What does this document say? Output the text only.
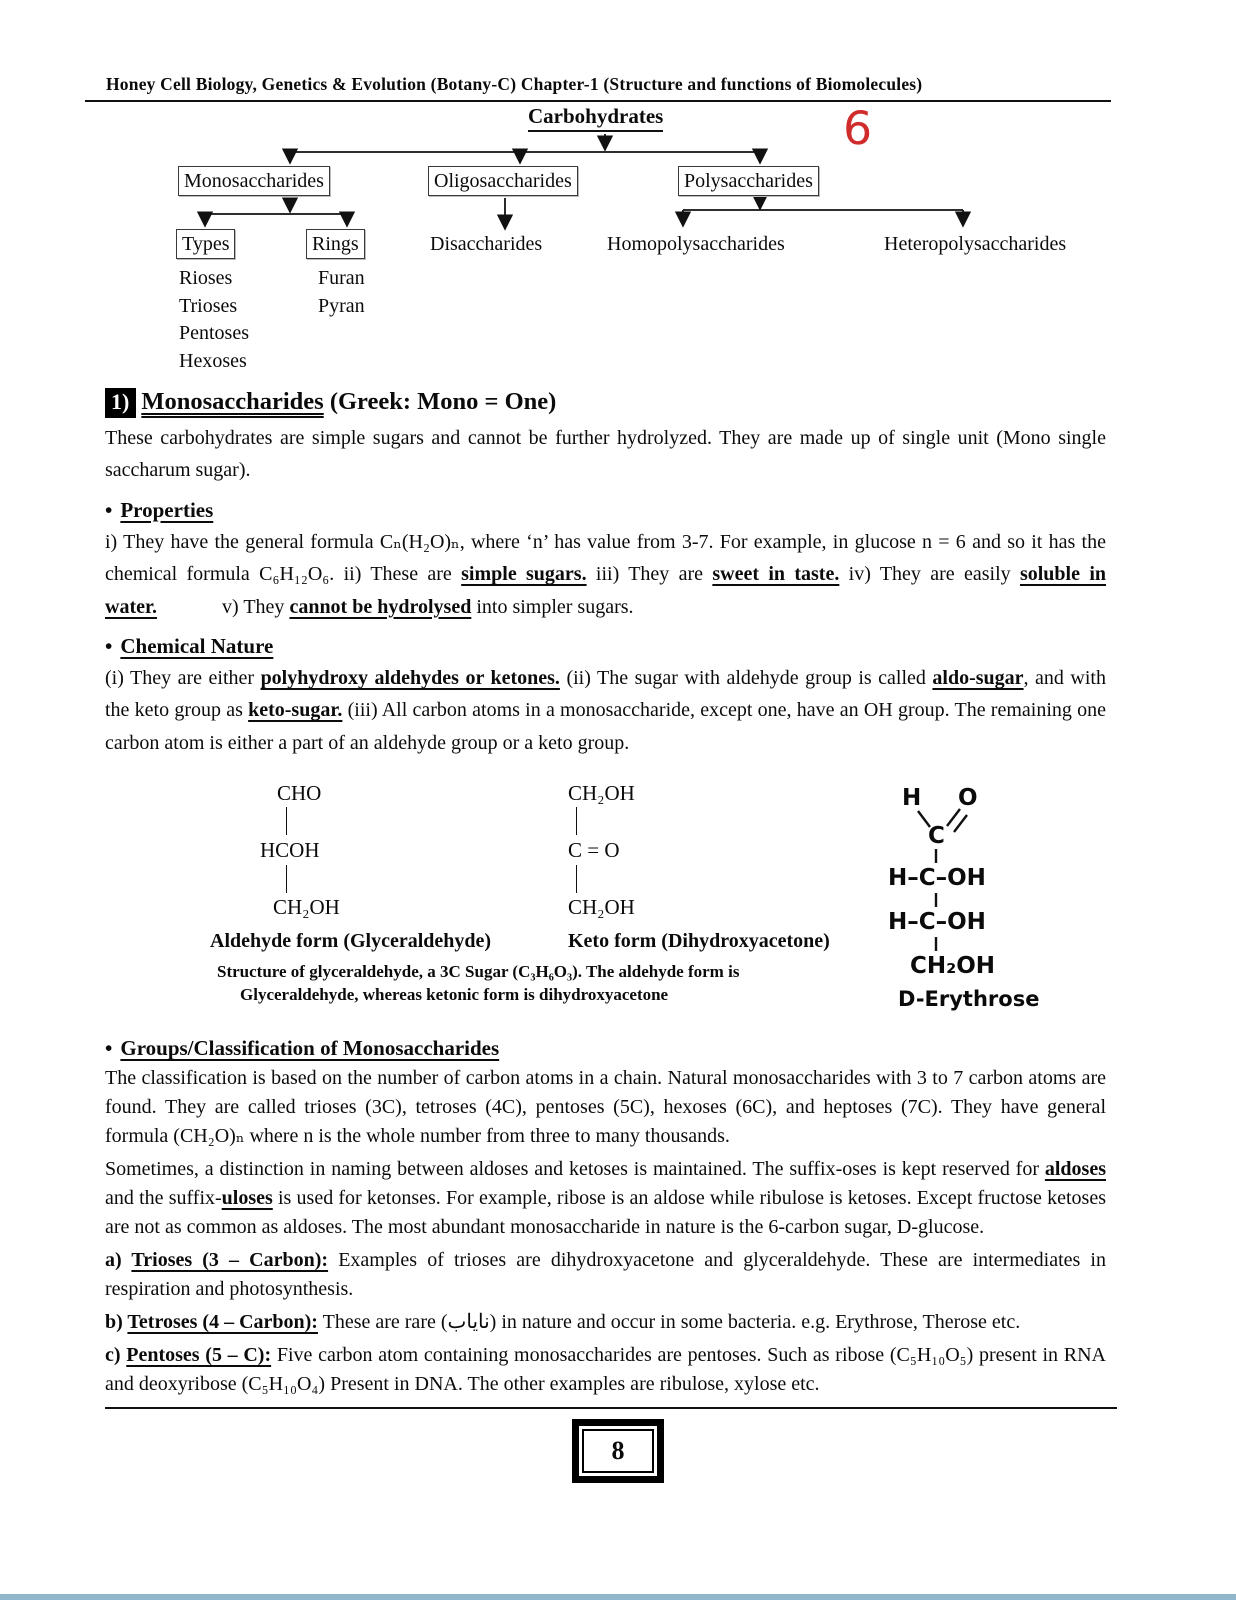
Honey Cell Biology, Genetics & Evolution (Botany-C) Chapter-1 (Structure and functions of Biomolecules)
Carbohydrates	6
Monosaccharides	Oligosaccharides	Polysaccharides
Types	Rings	Disaccharides	Homopolysaccharides	Heteropolysaccharides
Rioses
Trioses
Pentoses
Hexoses
Furan
Pyran
1) Monosaccharides (Greek: Mono = One)

These carbohydrates are simple sugars and cannot be further hydrolyzed. They are made up of single unit (Mono single saccharum sugar).

• Properties

i) They have the general formula Cₙ(H₂O)ₙ, where ‘n’ has value from 3-7. For example, in glucose n = 6 and so it has the chemical formula C₆H₁₂O₆. ii) These are simple sugars. iii) They are sweet in taste. iv) They are easily soluble in water.    v) They cannot be hydrolysed into simpler sugars.

• Chemical Nature

(i) They are either polyhydroxy aldehydes or ketones. (ii) The sugar with aldehyde group is called aldo-sugar, and with the keto group as keto-sugar. (iii) All carbon atoms in a monosaccharide, except one, have an OH group. The remaining one carbon atom is either a part of an aldehyde group or a keto group.

CHO
HCOH
CH₂OH
Aldehyde form (Glyceraldehyde)
CH₂OH
C = O
CH₂OH
Keto form (Dihydroxyacetone)
Structure of glyceraldehyde, a 3C Sugar (C₃H₆O₃). The aldehyde form is
Glyceraldehyde, whereas ketonic form is dihydroxyacetone
H O
C
H–C–OH
H–C–OH
CH₂OH
D-Erythrose
• Groups/Classification of Monosaccharides

The classification is based on the number of carbon atoms in a chain. Natural monosaccharides with 3 to 7 carbon atoms are found. They are called trioses (3C), tetroses (4C), pentoses (5C), hexoses (6C), and heptoses (7C). They have general formula (CH₂O)ₙ where n is the whole number from three to many thousands.

Sometimes, a distinction in naming between aldoses and ketoses is maintained. The suffix-oses is kept reserved for aldoses and the suffix-uloses is used for ketonses. For example, ribose is an aldose while ribulose is ketoses. Except fructose ketoses are not as common as aldoses. The most abundant monosaccharide in nature is the 6-carbon sugar, D-glucose.

a) Trioses (3 – Carbon): Examples of trioses are dihydroxyacetone and glyceraldehyde. These are intermediates in respiration and photosynthesis.

b) Tetroses (4 – Carbon): These are rare (نایاب) in nature and occur in some bacteria. e.g. Erythrose, Therose etc.

c) Pentoses (5 – C): Five carbon atom containing monosaccharides are pentoses. Such as ribose (C₅H₁₀O₅) present in RNA and deoxyribose (C₅H₁₀O₄) Present in DNA. The other examples are ribulose, xylose etc.

8
